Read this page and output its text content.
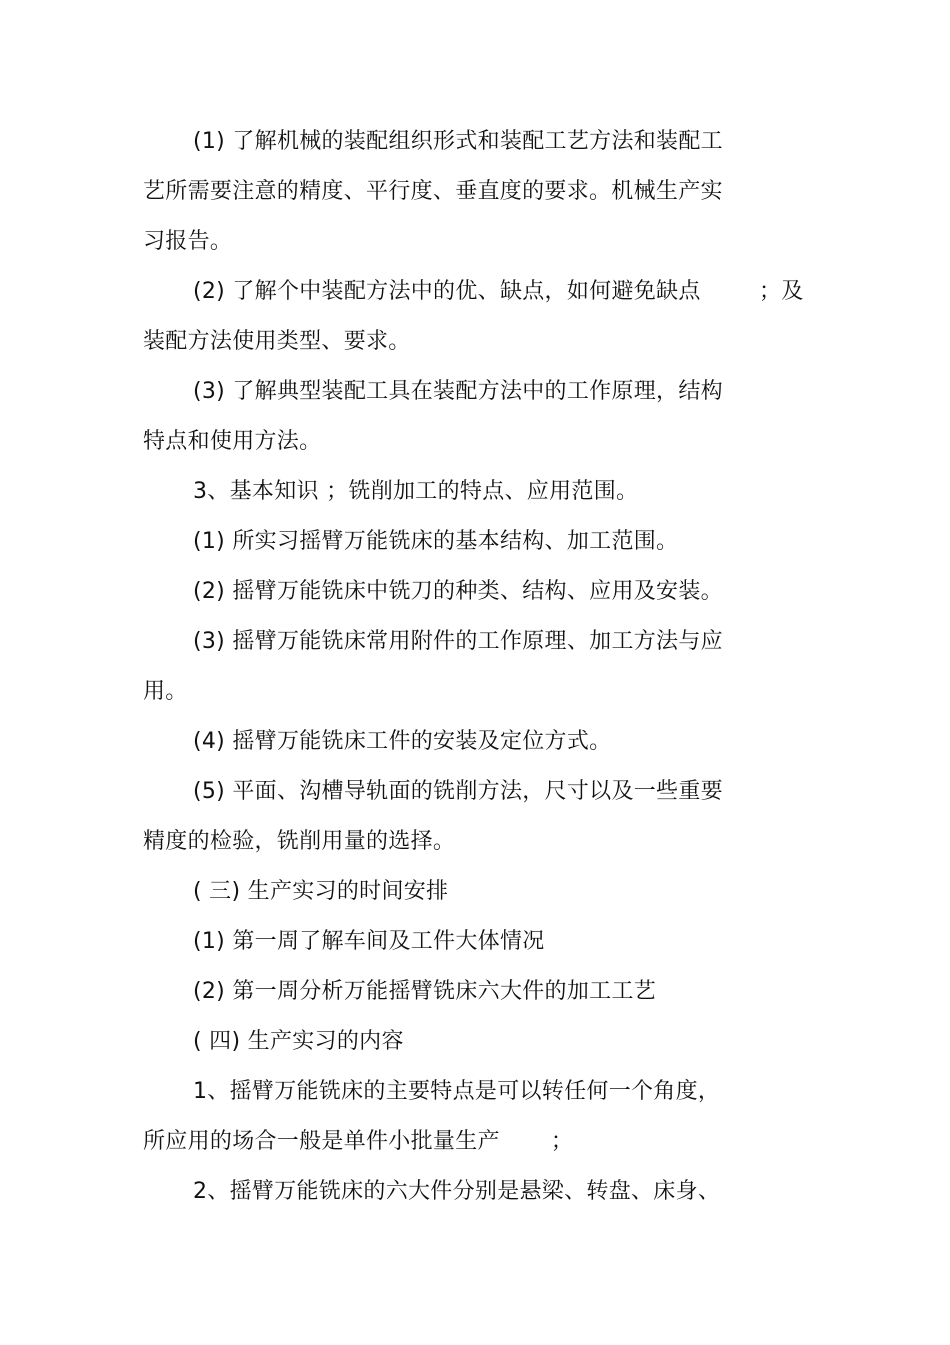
(1) 了解机械的装配组织形式和装配工艺方法和装配工
艺所需要注意的精度、平行度、垂直度的要求。机械生产实
习报告。
(2) 了解个中装配方法中的优、缺点，如何避免缺点        ；及
装配方法使用类型、要求。
(3) 了解典型装配工具在装配方法中的工作原理，结构
特点和使用方法。
3、基本知识 ；铣削加工的特点、应用范围。
(1) 所实习摇臂万能铣床的基本结构、加工范围。
(2) 摇臂万能铣床中铣刀的种类、结构、应用及安装。
(3) 摇臂万能铣床常用附件的工作原理、加工方法与应
用。
(4) 摇臂万能铣床工件的安装及定位方式。
(5) 平面、沟槽导轨面的铣削方法，尺寸以及一些重要
精度的检验，铣削用量的选择。
( 三) 生产实习的时间安排
(1) 第一周了解车间及工件大体情况
(2) 第一周分析万能摇臂铣床六大件的加工工艺
( 四) 生产实习的内容
1、摇臂万能铣床的主要特点是可以转任何一个角度，
所应用的场合一般是单件小批量生产       ；
2、摇臂万能铣床的六大件分别是悬梁、转盘、床身、
